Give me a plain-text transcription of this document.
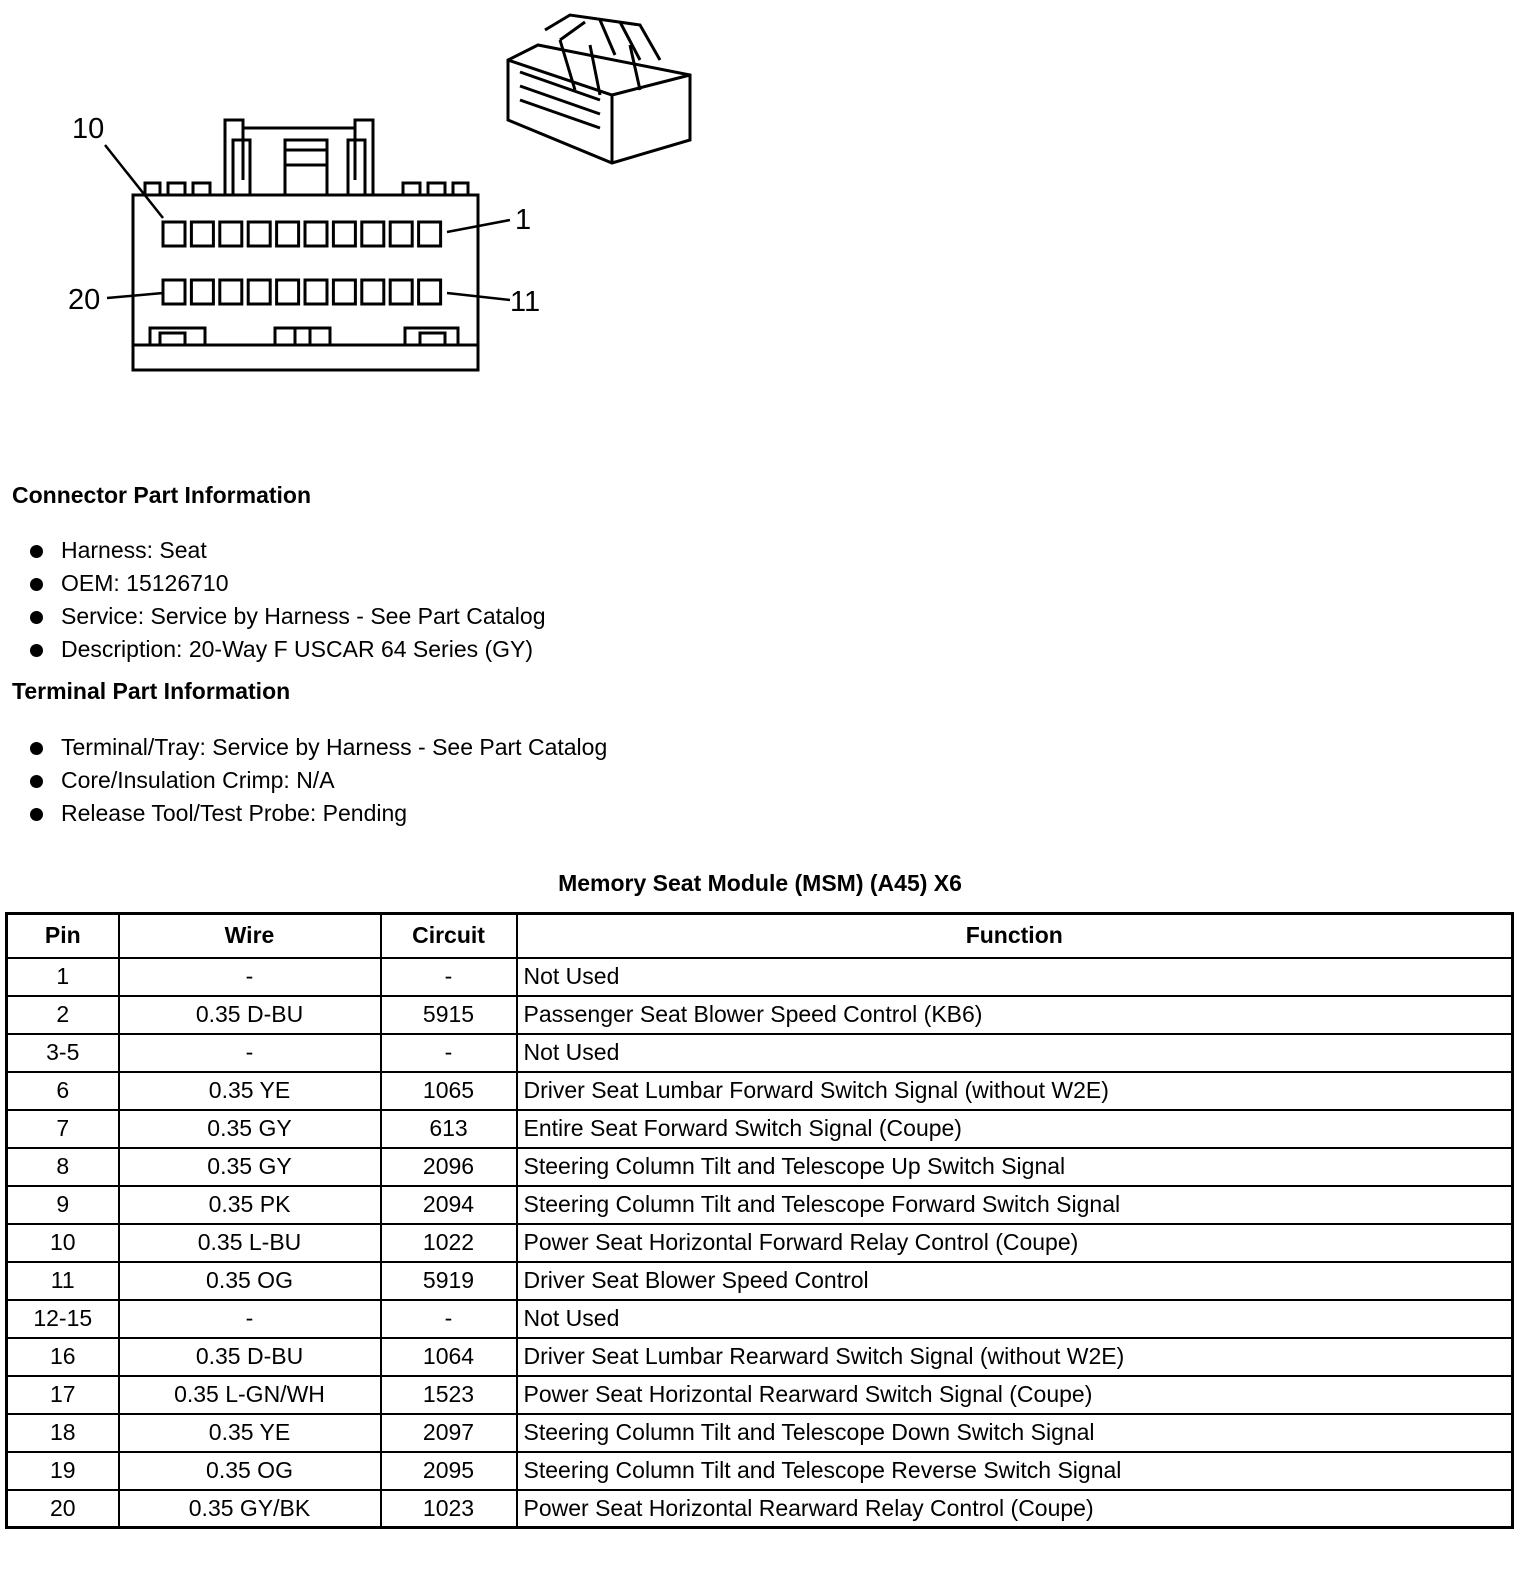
10
1
20	11
Connector Part Information
Harness: Seat
OEM: 15126710
Service: Service by Harness - See Part Catalog
Description: 20-Way F USCAR 64 Series (GY)
Terminal Part Information
Terminal/Tray: Service by Harness - See Part Catalog
Core/Insulation Crimp: N/A
Release Tool/Test Probe: Pending
Memory Seat Module (MSM) (A45) X6
Pin	Wire	Circuit	Function
1	-	-	Not Used
2	0.35 D-BU	5915	Passenger Seat Blower Speed Control (KB6)
3-5	-	-	Not Used
6	0.35 YE	1065	Driver Seat Lumbar Forward Switch Signal (without W2E)
7	0.35 GY	613	Entire Seat Forward Switch Signal (Coupe)
8	0.35 GY	2096	Steering Column Tilt and Telescope Up Switch Signal
9	0.35 PK	2094	Steering Column Tilt and Telescope Forward Switch Signal
10	0.35 L-BU	1022	Power Seat Horizontal Forward Relay Control (Coupe)
11	0.35 OG	5919	Driver Seat Blower Speed Control
12-15	-	-	Not Used
16	0.35 D-BU	1064	Driver Seat Lumbar Rearward Switch Signal (without W2E)
17	0.35 L-GN/WH	1523	Power Seat Horizontal Rearward Switch Signal (Coupe)
18	0.35 YE	2097	Steering Column Tilt and Telescope Down Switch Signal
19	0.35 OG	2095	Steering Column Tilt and Telescope Reverse Switch Signal
20	0.35 GY/BK	1023	Power Seat Horizontal Rearward Relay Control (Coupe)
